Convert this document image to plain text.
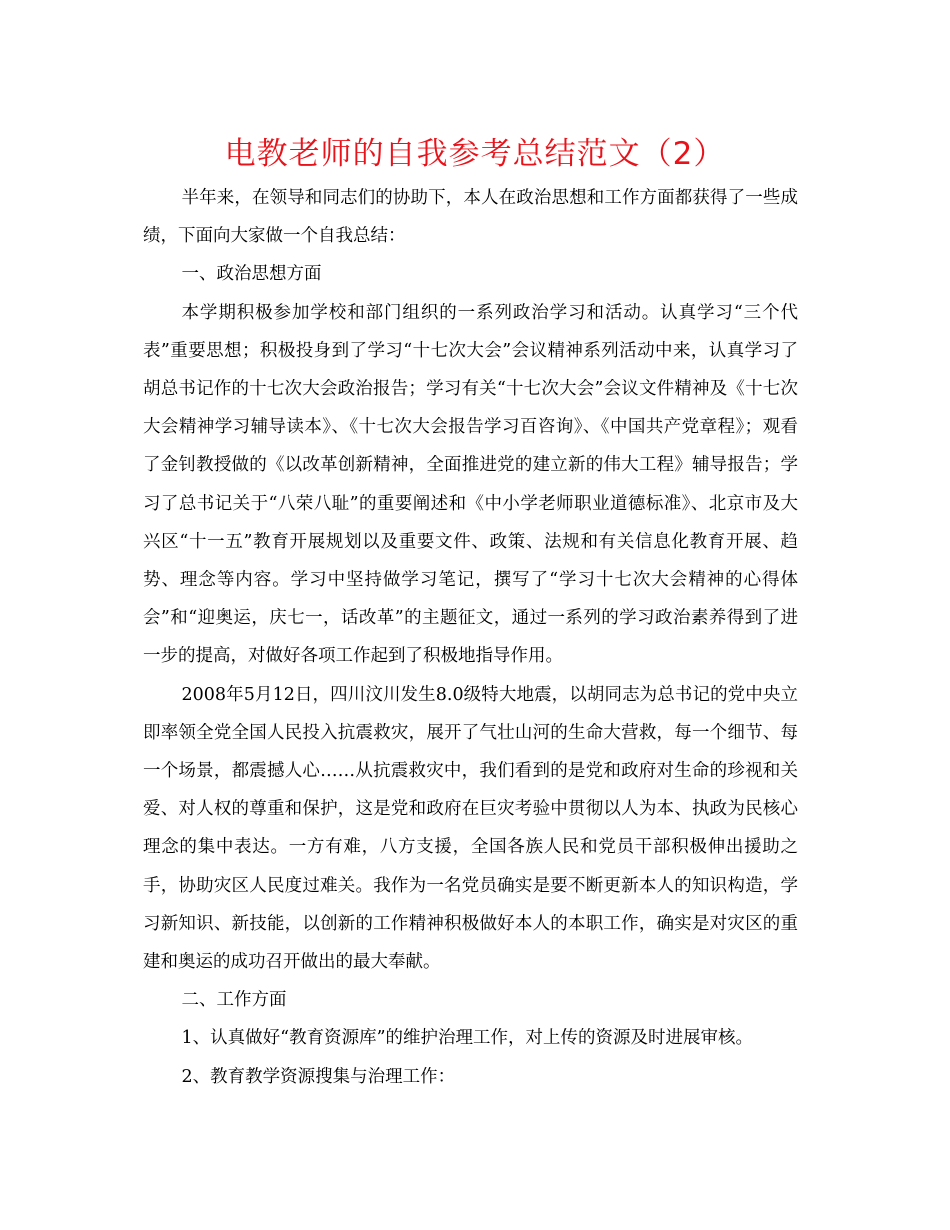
电教老师的自我参考总结范文（2）

半年来，在领导和同志们的协助下，本人在政治思想和工作方面都获得了一些成绩，下面向大家做一个自我总结：

一、政治思想方面

本学期积极参加学校和部门组织的一系列政治学习和活动。认真学习“三个代表”重要思想；积极投身到了学习“十七次大会”会议精神系列活动中来，认真学习了胡总书记作的十七次大会政治报告；学习有关“十七次大会”会议文件精神及《十七次大会精神学习辅导读本》、《十七次大会报告学习百咨询》、《中国共产党章程》；观看了金钊教授做的《以改革创新精神，全面推进党的建立新的伟大工程》辅导报告；学习了总书记关于“八荣八耻”的重要阐述和《中小学老师职业道德标准》、北京市及大兴区“十一五”教育开展规划以及重要文件、政策、法规和有关信息化教育开展、趋势、理念等内容。学习中坚持做学习笔记，撰写了“学习十七次大会精神的心得体会”和“迎奥运，庆七一，话改革”的主题征文，通过一系列的学习政治素养得到了进一步的提高，对做好各项工作起到了积极地指导作用。

2008年5月12日，四川汶川发生8.0级特大地震，以胡同志为总书记的党中央立即率领全党全国人民投入抗震救灾，展开了气壮山河的生命大营救，每一个细节、每一个场景，都震撼人心……从抗震救灾中，我们看到的是党和政府对生命的珍视和关爱、对人权的尊重和保护，这是党和政府在巨灾考验中贯彻以人为本、执政为民核心理念的集中表达。一方有难，八方支援，全国各族人民和党员干部积极伸出援助之手，协助灾区人民度过难关。我作为一名党员确实是要不断更新本人的知识构造，学习新知识、新技能，以创新的工作精神积极做好本人的本职工作，确实是对灾区的重建和奥运的成功召开做出的最大奉献。

二、工作方面

1、认真做好“教育资源库”的维护治理工作，对上传的资源及时进展审核。

2、教育教学资源搜集与治理工作：
